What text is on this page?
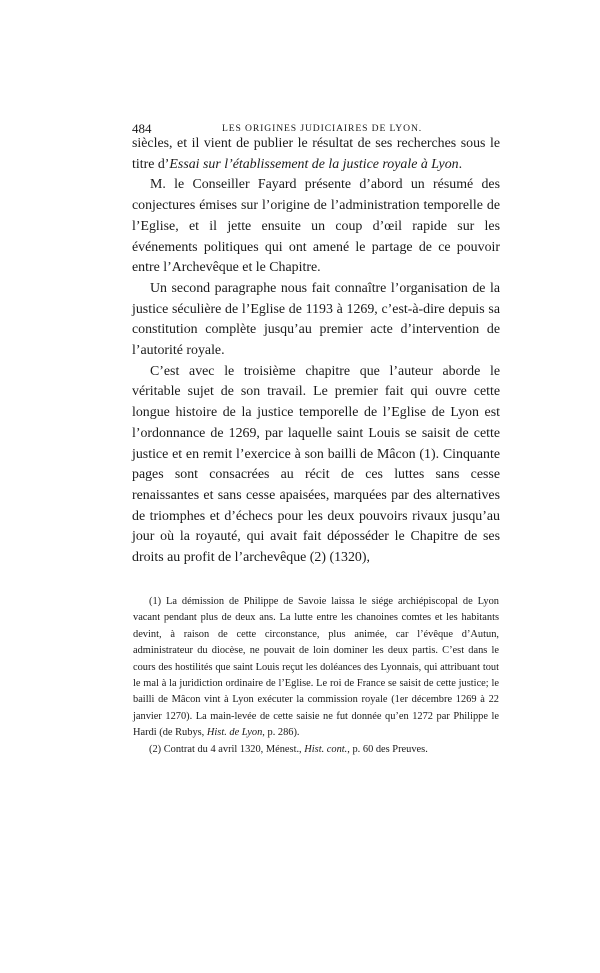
484	LES ORIGINES JUDICIAIRES DE LYON.

siècles, et il vient de publier le résultat de ses recherches sous le titre d’Essai sur l’établissement de la justice royale à Lyon.

M. le Conseiller Fayard présente d’abord un résumé des conjectures émises sur l’origine de l’administration temporelle de l’Eglise, et il jette ensuite un coup d’œil rapide sur les événements politiques qui ont amené le partage de ce pouvoir entre l’Archevêque et le Chapitre.

Un second paragraphe nous fait connaître l’organisation de la justice séculière de l’Eglise de 1193 à 1269, c’est-à-dire depuis sa constitution complète jusqu’au premier acte d’intervention de l’autorité royale.

C’est avec le troisième chapitre que l’auteur aborde le véritable sujet de son travail. Le premier fait qui ouvre cette longue histoire de la justice temporelle de l’Eglise de Lyon est l’ordonnance de 1269, par laquelle saint Louis se saisit de cette justice et en remit l’exercice à son bailli de Mâcon (1). Cinquante pages sont consacrées au récit de ces luttes sans cesse renaissantes et sans cesse apaisées, marquées par des alternatives de triomphes et d’échecs pour les deux pouvoirs rivaux jusqu’au jour où la royauté, qui avait fait déposséder le Chapitre de ses droits au profit de l’archevêque (2) (1320),

(1) La démission de Philippe de Savoie laissa le siége archiépiscopal de Lyon vacant pendant plus de deux ans. La lutte entre les chanoines comtes et les habitants devint, à raison de cette circonstance, plus animée, car l’évêque d’Autun, administrateur du diocèse, ne pouvait de loin dominer les deux partis. C’est dans le cours des hostilités que saint Louis reçut les doléances des Lyonnais, qui attribuant tout le mal à la juridiction ordinaire de l’Eglise. Le roi de France se saisit de cette justice; le bailli de Mâcon vint à Lyon exécuter la commission royale (1er décembre 1269 à 22 janvier 1270). La main-levée de cette saisie ne fut donnée qu’en 1272 par Philippe le Hardi (de Rubys, Hist. de Lyon, p. 286).

(2) Contrat du 4 avril 1320, Ménest., Hist. cont., p. 60 des Preuves.
